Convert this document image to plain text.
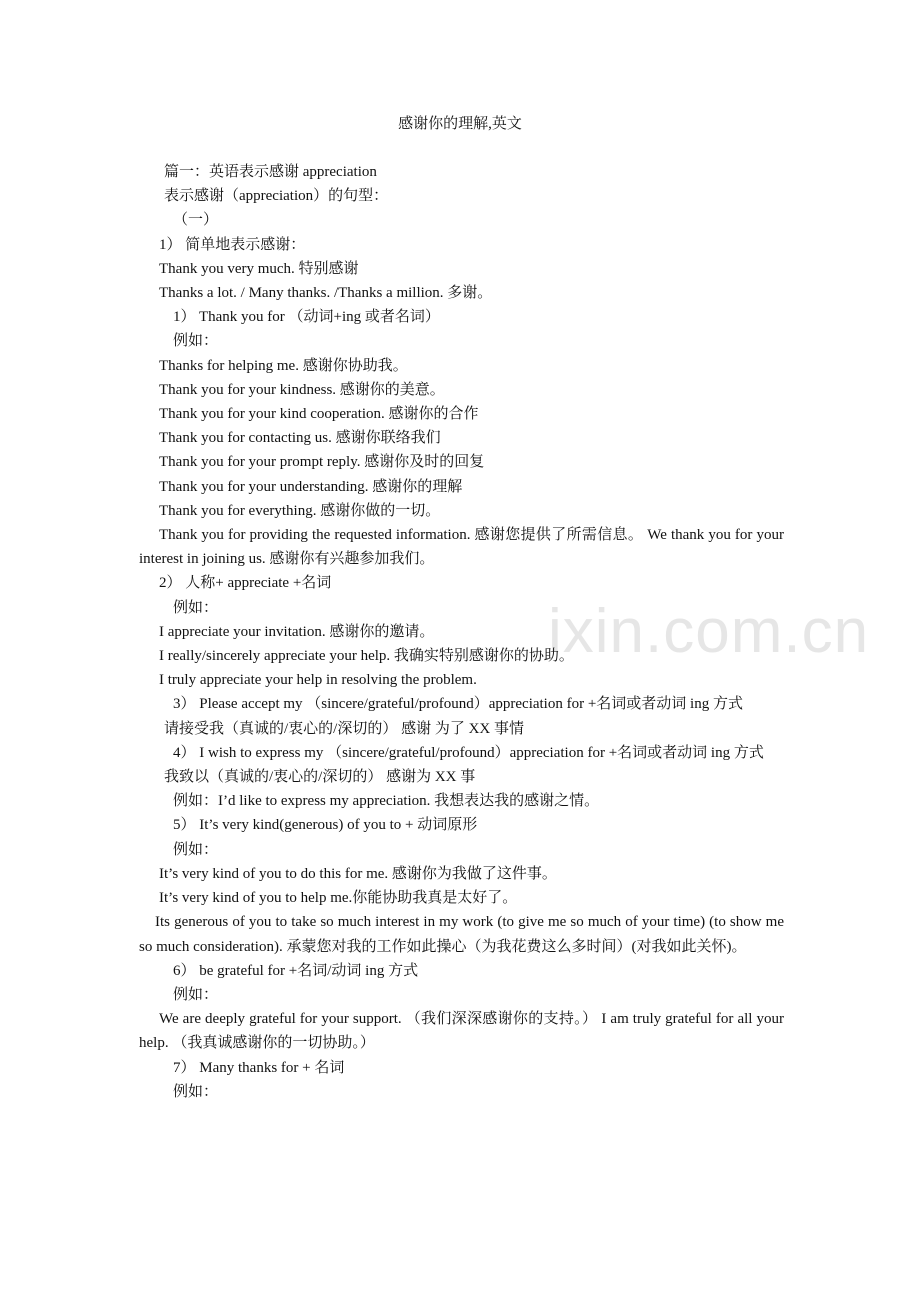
ixin.com.cn
感谢你的理解,英文
篇一：英语表示感谢 appreciation
表示感谢（appreciation）的句型：
（一）
1） 简单地表示感谢：
Thank you very much. 特别感谢
Thanks a lot. / Many thanks. /Thanks a million. 多谢。
1） Thank you for （动词+ing 或者名词）
例如：
Thanks for helping me. 感谢你协助我。
Thank you for your kindness. 感谢你的美意。
Thank you for your kind cooperation. 感谢你的合作
Thank you for contacting us. 感谢你联络我们
Thank you for your prompt reply. 感谢你及时的回复
Thank you for your understanding. 感谢你的理解
Thank you for everything. 感谢你做的一切。
Thank you for providing the requested information. 感谢您提供了所需信息。 We thank you for your interest in joining us. 感谢你有兴趣参加我们。
2） 人称+ appreciate +名词
例如：
I appreciate your invitation. 感谢你的邀请。
I really/sincerely appreciate your help. 我确实特别感谢你的协助。
I truly appreciate your help in resolving the problem.
3） Please accept my （sincere/grateful/profound）appreciation for +名词或者动词 ing 方式
请接受我（真诚的/衷心的/深切的） 感谢 为了 XX 事情
4） I wish to express my （sincere/grateful/profound）appreciation for +名词或者动词 ing 方式
我致以（真诚的/衷心的/深切的） 感谢为 XX 事
例如：I’d like to express my appreciation. 我想表达我的感谢之情。
5） It’s very kind(generous) of you to + 动词原形
例如：
It’s very kind of you to do this for me. 感谢你为我做了这件事。
It’s very kind of you to help me.你能协助我真是太好了。
Its generous of you to take so much interest in my work (to give me so much of your time) (to show me so much consideration). 承蒙您对我的工作如此操心（为我花费这么多时间）(对我如此关怀)。
6） be grateful for +名词/动词 ing 方式
例如：
We are deeply grateful for your support. （我们深深感谢你的支持。） I am truly grateful for all your help. （我真诚感谢你的一切协助。）
7） Many thanks for + 名词
例如：
